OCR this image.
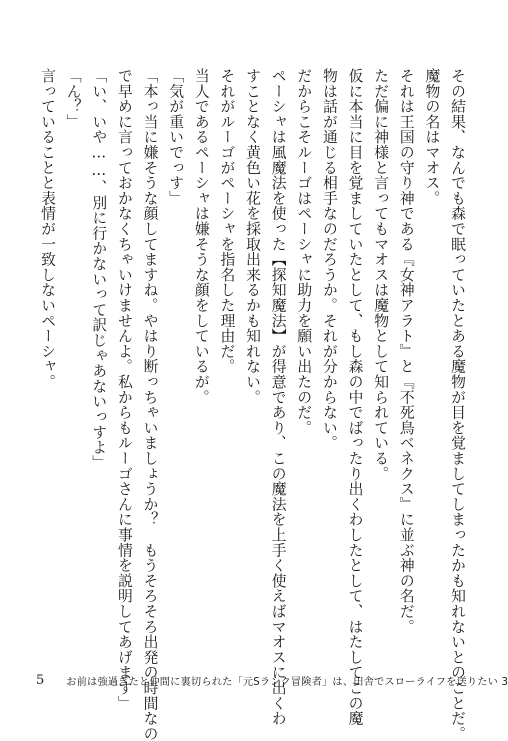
その結果、なんでも森で眠っていたとある魔物が目を覚ましてしまったかも知れないとのことだ。
魔物の名はマオス。
それは王国の守り神である『女神アラト』と『不死鳥ベネクス』に並ぶ神の名だ。
ただ偏に神様と言ってもマオスは魔物として知られている。
仮に本当に目を覚ましていたとして、もし森の中でばったり出くわしたとして、はたしてこの魔
物は話が通じる相手なのだろうか。それが分からない。
だからこそルーゴはペーシャに助力を願い出たのだ。
ペーシャは風魔法を使った【探知魔法】が得意であり、この魔法を上手く使えばマオスに出くわ
すことなく黄色い花を採取出来るかも知れない。
それがルーゴがペーシャを指名した理由だ。
当人であるペーシャは嫌そうな顔をしているが。
「気が重いでっす」
「本っ当に嫌そうな顔してますね。やはり断っちゃいましょうか？　もうそろそろ出発の時間なの
で早めに言っておかなくちゃいけませんよ。私からもルーゴさんに事情を説明してあげます」
「い、いや……、別に行かないって訳じゃあないっすよ」
「ん？」
言っていることと表情が一致しないペーシャ。
5 お前は強過ぎたと仲間に裏切られた「元Sランク冒険者」は、田舎でスローライフを送りたい 3
